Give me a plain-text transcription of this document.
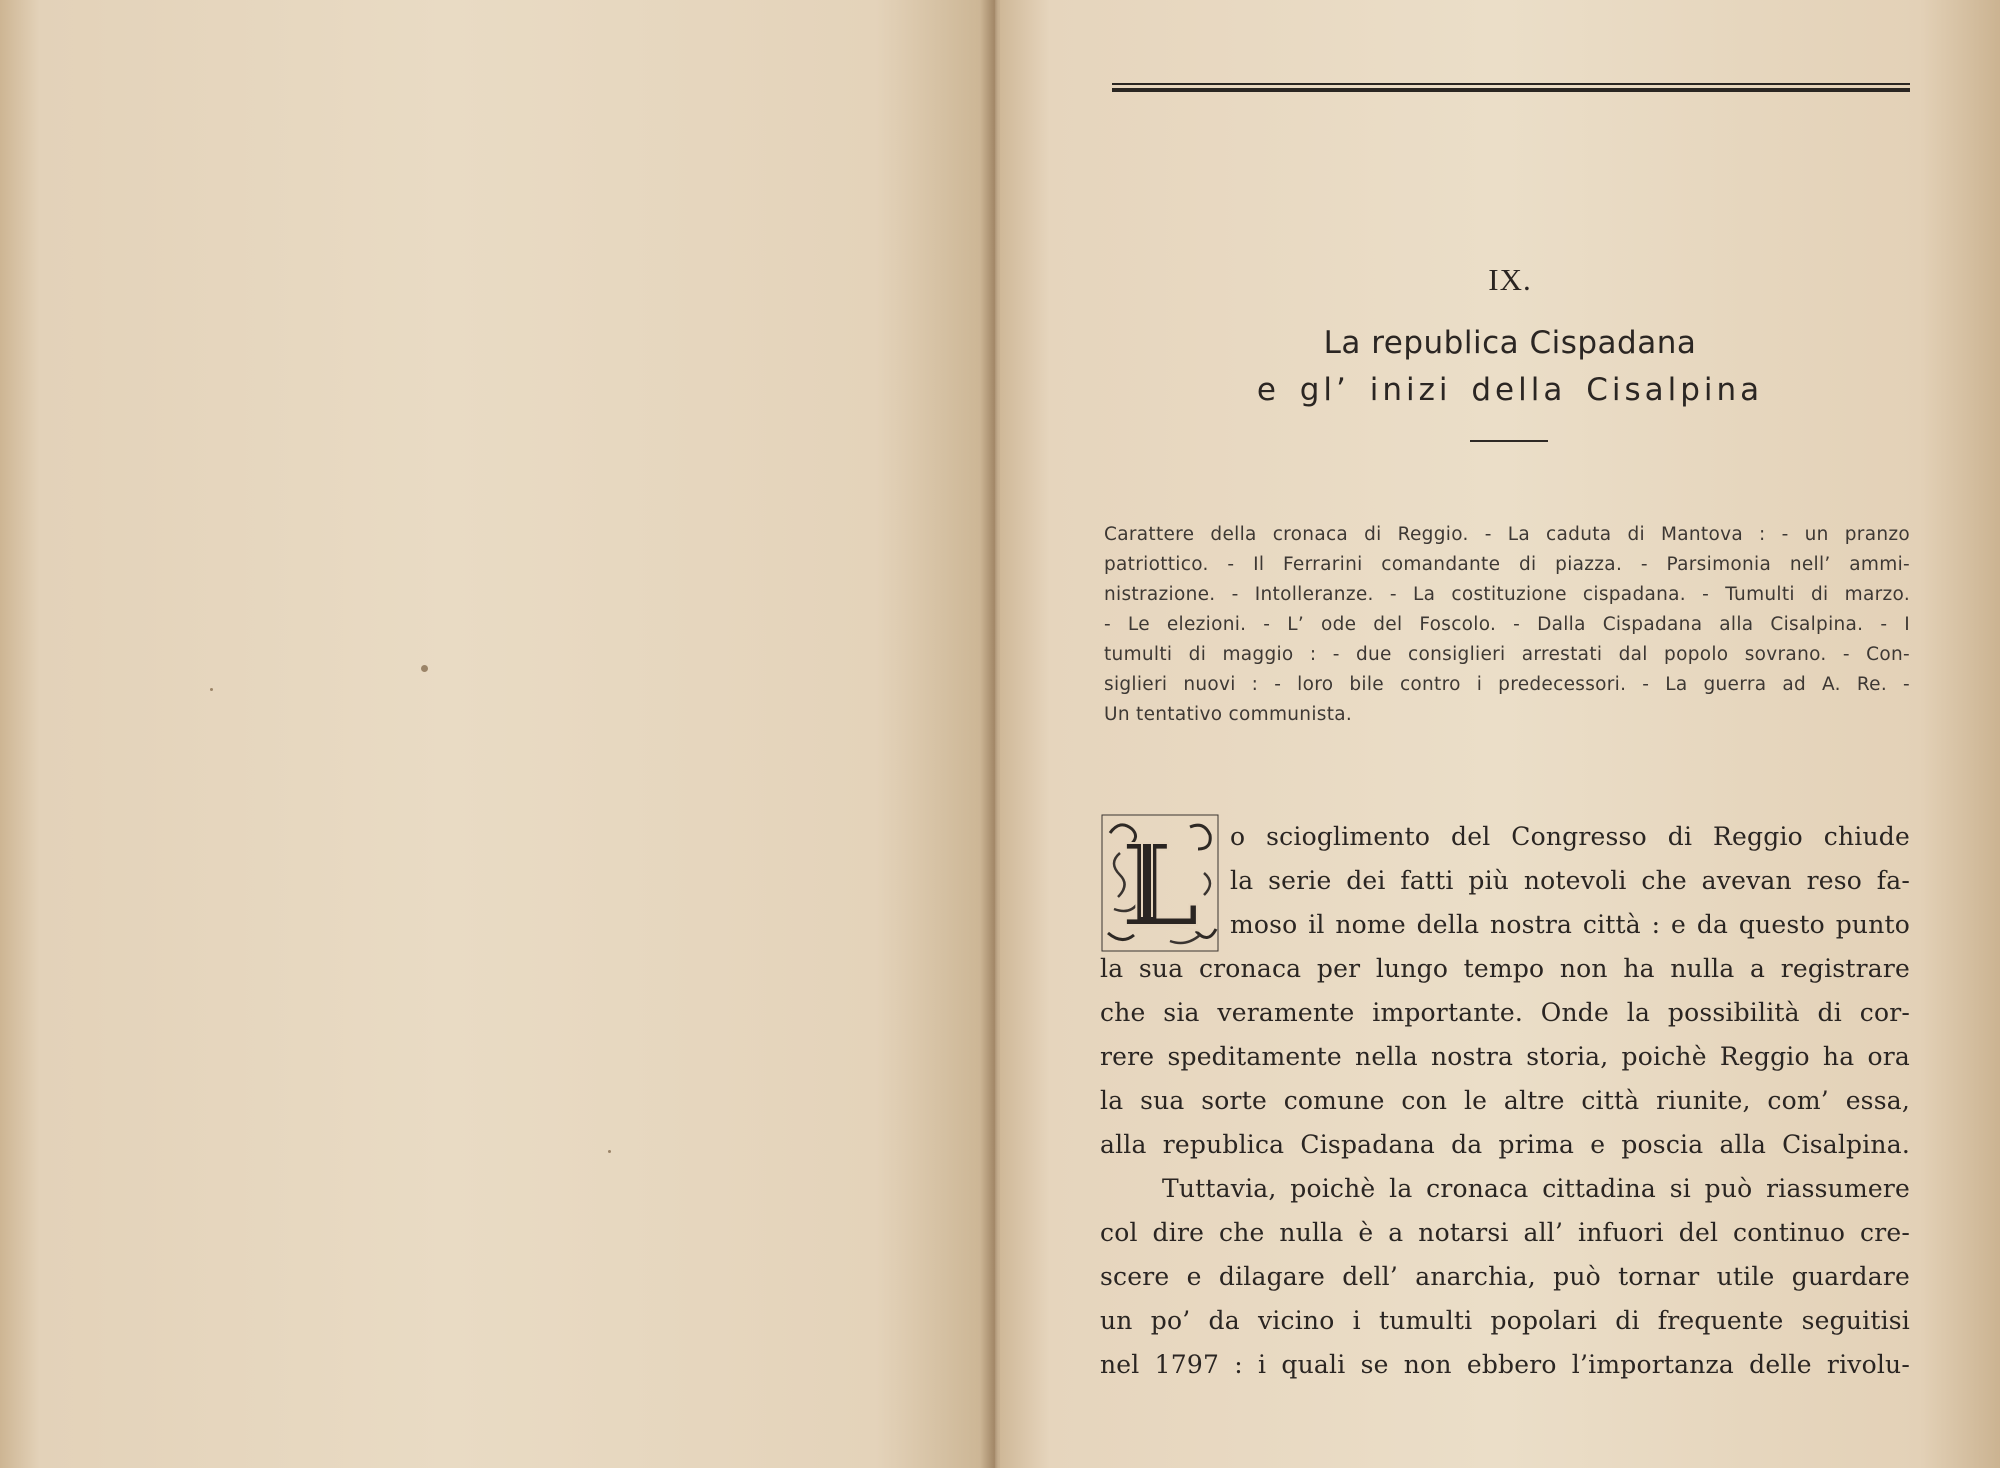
IX.
La republica Cispadana
e gl’ inizi della Cisalpina
Carattere della cronaca di Reggio. - La caduta di Mantova : - un pranzo
patriottico. - Il Ferrarini comandante di piazza. - Parsimonia nell’ ammi-
nistrazione. - Intolleranze. - La costituzione cispadana. - Tumulti di marzo.
- Le elezioni. - L’ ode del Foscolo. - Dalla Cispadana alla Cisalpina. - I
tumulti di maggio : - due consiglieri arrestati dal popolo sovrano. - Con-
siglieri nuovi : - loro bile contro i predecessori. - La guerra ad A. Re. -
Un tentativo communista.
L o scioglimento del Congresso di Reggio chiude
la serie dei fatti più notevoli che avevan reso fa-
moso il nome della nostra città : e da questo punto
la sua cronaca per lungo tempo non ha nulla a registrare
che sia veramente importante. Onde la possibilità di cor-
rere speditamente nella nostra storia, poichè Reggio ha ora
la sua sorte comune con le altre città riunite, com’ essa,
alla republica Cispadana da prima e poscia alla Cisalpina.
Tuttavia, poichè la cronaca cittadina si può riassumere
col dire che nulla è a notarsi all’ infuori del continuo cre-
scere e dilagare dell’ anarchia, può tornar utile guardare
un po’ da vicino i tumulti popolari di frequente seguitisi
nel 1797 : i quali se non ebbero l’importanza delle rivolu-
